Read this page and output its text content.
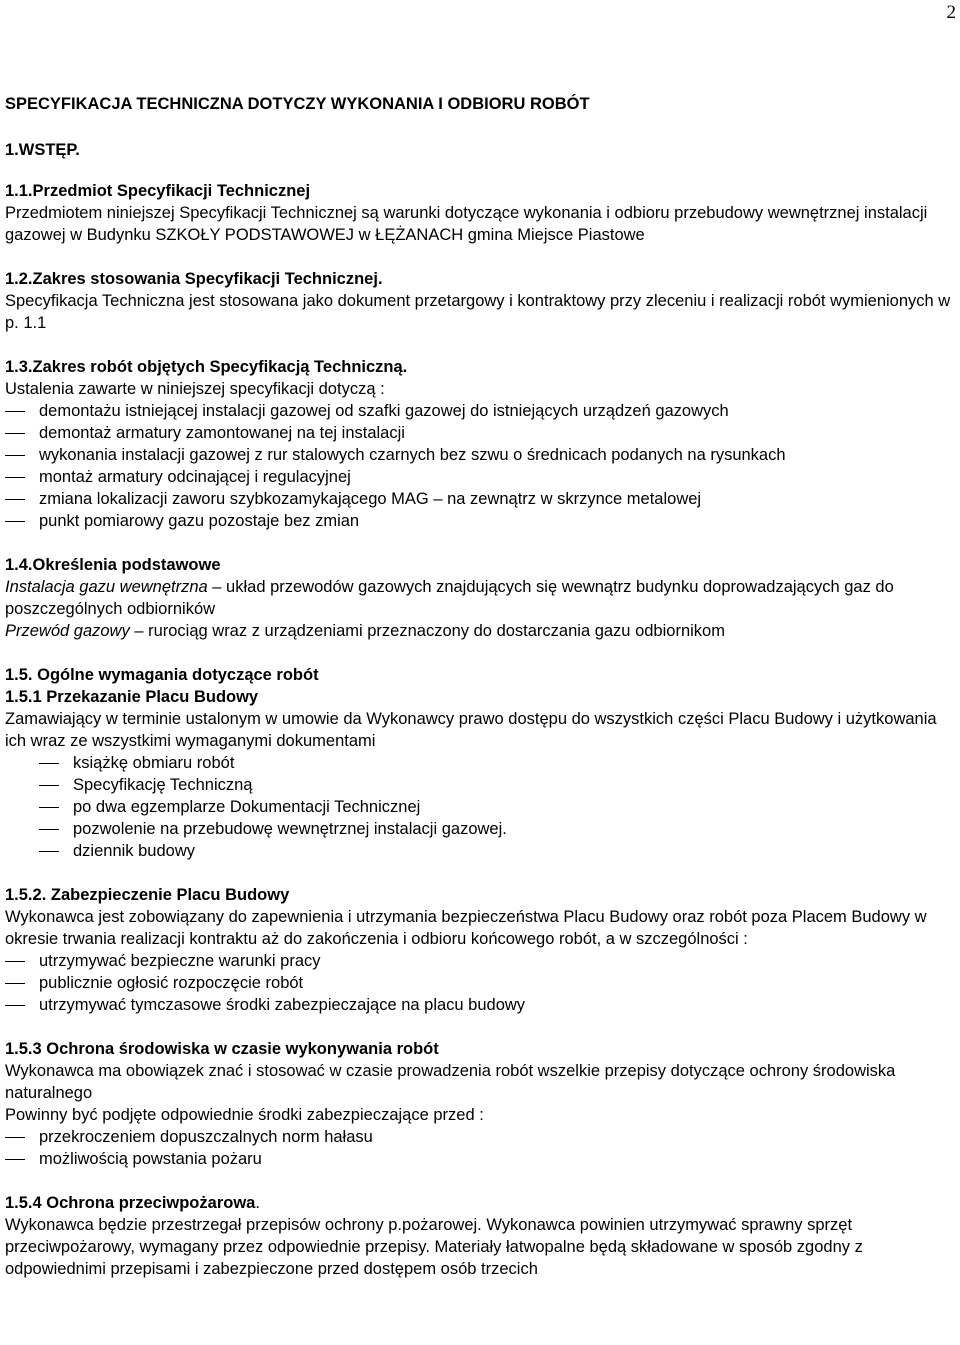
2
SPECYFIKACJA TECHNICZNA DOTYCZY WYKONANIA I ODBIORU ROBÓT
1.WSTĘP.

1.1.Przedmiot Specyfikacji Technicznej

Przedmiotem niniejszej Specyfikacji Technicznej są warunki dotyczące wykonania i odbioru przebudowy wewnętrznej instalacji gazowej w Budynku SZKOŁY PODSTAWOWEJ w ŁĘŻANACH gmina Miejsce Piastowe

1.2.Zakres stosowania Specyfikacji Technicznej.

Specyfikacja Techniczna jest stosowana jako dokument przetargowy i kontraktowy przy zleceniu i realizacji robót wymienionych w p. 1.1

1.3.Zakres robót objętych Specyfikacją Techniczną.

Ustalenia zawarte w niniejszej specyfikacji dotyczą :

demontażu istniejącej instalacji gazowej od szafki gazowej do istniejących urządzeń gazowych
demontaż armatury zamontowanej na tej instalacji
wykonania instalacji gazowej z rur stalowych czarnych bez szwu o średnicach podanych na rysunkach
montaż armatury odcinającej i regulacyjnej
zmiana lokalizacji zaworu szybkozamykającego MAG – na zewnątrz w skrzynce metalowej
punkt pomiarowy gazu pozostaje bez zmian

1.4.Określenia podstawowe

Instalacja gazu wewnętrzna – układ przewodów gazowych znajdujących się wewnątrz budynku doprowadzających gaz do poszczególnych odbiorników

Przewód gazowy – rurociąg wraz z urządzeniami przeznaczony do dostarczania gazu odbiornikom

1.5. Ogólne wymagania dotyczące robót

1.5.1 Przekazanie Placu Budowy

Zamawiający w terminie ustalonym w umowie da Wykonawcy prawo dostępu do wszystkich części Placu Budowy i użytkowania ich wraz ze wszystkimi wymaganymi dokumentami

książkę obmiaru robót
Specyfikację Techniczną
po dwa egzemplarze Dokumentacji Technicznej
pozwolenie na przebudowę wewnętrznej instalacji gazowej.
dziennik budowy

1.5.2. Zabezpieczenie Placu Budowy

Wykonawca jest zobowiązany do zapewnienia i utrzymania bezpieczeństwa Placu Budowy oraz robót poza Placem Budowy w okresie trwania realizacji kontraktu aż do zakończenia i odbioru końcowego robót, a w szczególności :

utrzymywać bezpieczne warunki pracy
publicznie ogłosić rozpoczęcie robót
utrzymywać tymczasowe środki zabezpieczające na placu budowy

1.5.3 Ochrona środowiska w czasie wykonywania robót

Wykonawca ma obowiązek znać i stosować w czasie prowadzenia robót wszelkie przepisy dotyczące ochrony środowiska naturalnego

Powinny być podjęte odpowiednie środki zabezpieczające przed :

przekroczeniem dopuszczalnych norm hałasu
możliwością powstania pożaru

1.5.4 Ochrona przeciwpożarowa.

Wykonawca będzie przestrzegał przepisów ochrony p.pożarowej. Wykonawca powinien utrzymywać sprawny sprzęt przeciwpożarowy, wymagany przez odpowiednie przepisy. Materiały łatwopalne będą składowane w sposób zgodny z odpowiednimi przepisami i zabezpieczone przed dostępem osób trzecich
